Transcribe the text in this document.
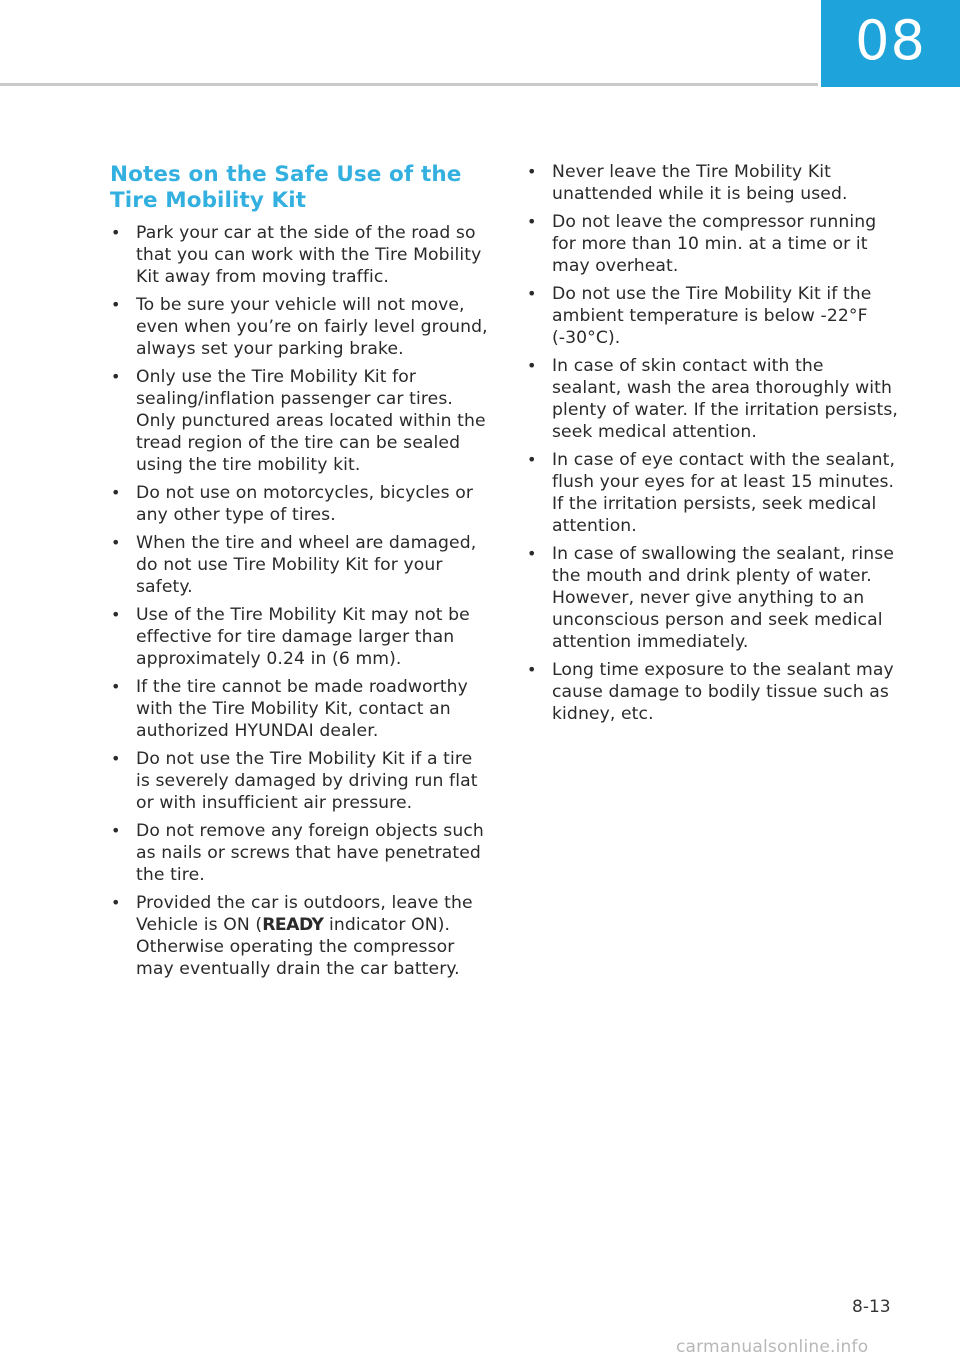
08
Notes on the Safe Use of the Tire Mobility Kit
• Park your car at the side of the road so that you can work with the Tire Mobility Kit away from moving traffic.
• To be sure your vehicle will not move, even when you’re on fairly level ground, always set your parking brake.
• Only use the Tire Mobility Kit for sealing/inflation passenger car tires. Only punctured areas located within the tread region of the tire can be sealed using the tire mobility kit.
• Do not use on motorcycles, bicycles or any other type of tires.
• When the tire and wheel are damaged, do not use Tire Mobility Kit for your safety.
• Use of the Tire Mobility Kit may not be effective for tire damage larger than approximately 0.24 in (6 mm).
• If the tire cannot be made roadworthy with the Tire Mobility Kit, contact an authorized HYUNDAI dealer.
• Do not use the Tire Mobility Kit if a tire is severely damaged by driving run flat or with insufficient air pressure.
• Do not remove any foreign objects such as nails or screws that have penetrated the tire.
• Provided the car is outdoors, leave the Vehicle is ON (READY indicator ON). Otherwise operating the compressor may eventually drain the car battery.
• Never leave the Tire Mobility Kit unattended while it is being used.
• Do not leave the compressor running for more than 10 min. at a time or it may overheat.
• Do not use the Tire Mobility Kit if the ambient temperature is below -22°F (-30°C).
• In case of skin contact with the sealant, wash the area thoroughly with plenty of water. If the irritation persists, seek medical attention.
• In case of eye contact with the sealant, flush your eyes for at least 15 minutes. If the irritation persists, seek medical attention.
• In case of swallowing the sealant, rinse the mouth and drink plenty of water. However, never give anything to an unconscious person and seek medical attention immediately.
• Long time exposure to the sealant may cause damage to bodily tissue such as kidney, etc.
8-13
carmanualsonline.info
